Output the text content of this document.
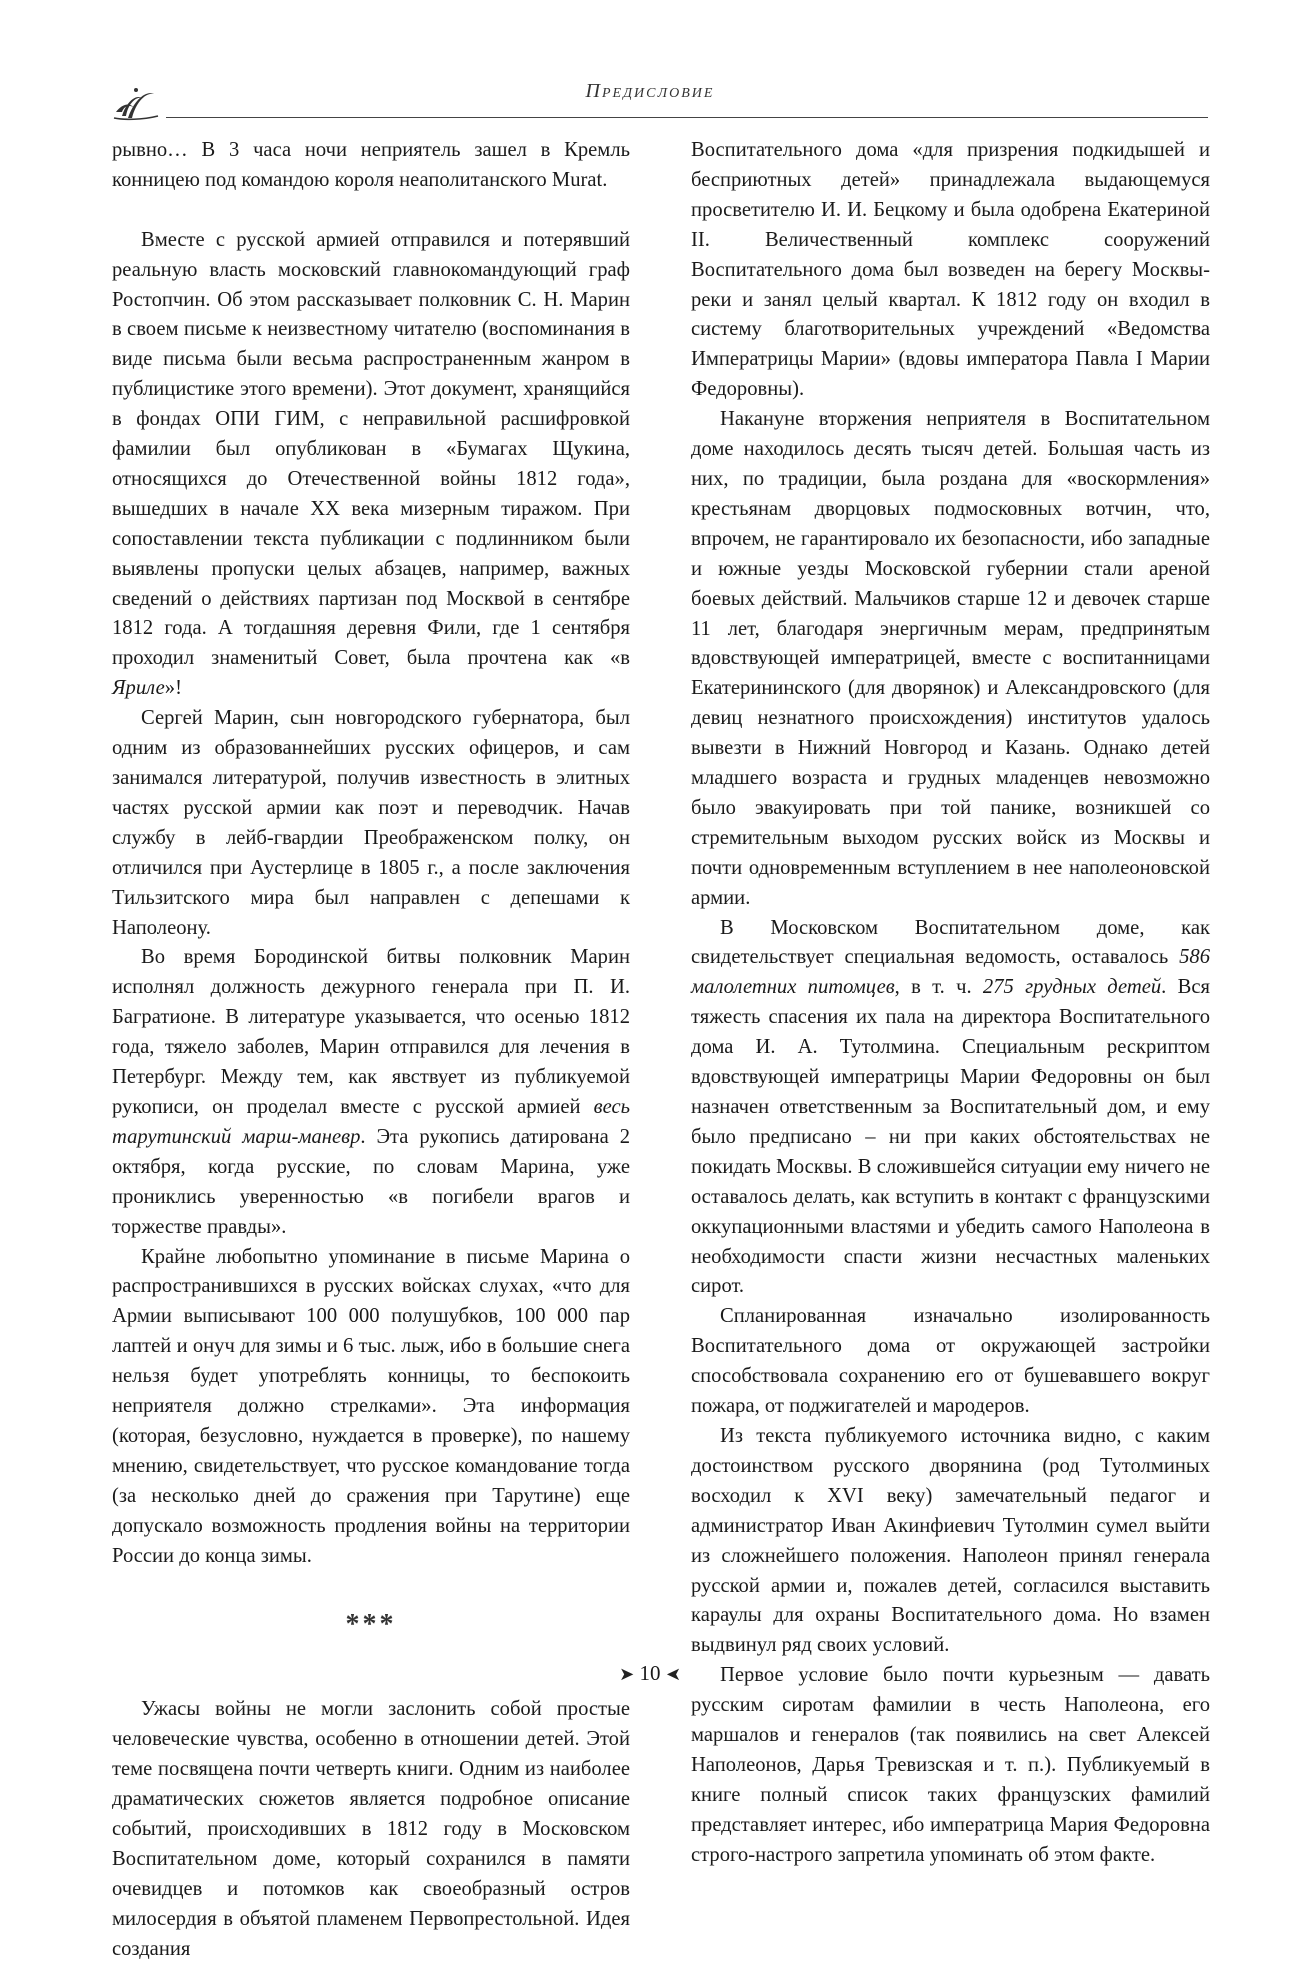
Предисловие

рывно… В 3 часа ночи неприятель зашел в Кремль конницею под командою короля неаполитанского Murat.

Вместе с русской армией отправился и потерявший реальную власть московский главнокомандующий граф Ростопчин. Об этом рассказывает полковник С. Н. Марин в своем письме к неизвестному читателю (воспоминания в виде письма были весьма распространенным жанром в публицистике этого времени). Этот документ, хранящийся в фондах ОПИ ГИМ, с неправильной расшифровкой фамилии был опубликован в «Бумагах Щукина, относящихся до Отечественной войны 1812 года», вышедших в начале XX века мизерным тиражом. При сопоставлении текста публикации с подлинником были выявлены пропуски целых абзацев, например, важных сведений о действиях партизан под Москвой в сентябре 1812 года. А тогдашняя деревня Фили, где 1 сентября проходил знаменитый Совет, была прочтена как «в Яриле»!

Сергей Марин, сын новгородского губернатора, был одним из образованнейших русских офицеров, и сам занимался литературой, получив известность в элитных частях русской армии как поэт и переводчик. Начав службу в лейб-гвардии Преображенском полку, он отличился при Аустерлице в 1805 г., а после заключения Тильзитского мира был направлен с депешами к Наполеону.

Во время Бородинской битвы полковник Марин исполнял должность дежурного генерала при П. И. Багратионе. В литературе указывается, что осенью 1812 года, тяжело заболев, Марин отправился для лечения в Петербург. Между тем, как явствует из публикуемой рукописи, он проделал вместе с русской армией весь тарутинский марш-маневр. Эта рукопись датирована 2 октября, когда русские, по словам Марина, уже прониклись уверенностью «в погибели врагов и торжестве правды».

Крайне любопытно упоминание в письме Марина о распространившихся в русских войсках слухах, «что для Армии выписывают 100 000 полушубков, 100 000 пар лаптей и онуч для зимы и 6 тыс. лыж, ибо в большие снега нельзя будет употреблять конницы, то беспокоить неприятеля должно стрелками». Эта информация (которая, безусловно, нуждается в проверке), по нашему мнению, свидетельствует, что русское командование тогда (за несколько дней до сражения при Тарутине) еще допускало возможность продления войны на территории России до конца зимы.

***

Ужасы войны не могли заслонить собой простые человеческие чувства, особенно в отношении детей. Этой теме посвящена почти четверть книги. Одним из наиболее драматических сюжетов является подробное описание событий, происходивших в 1812 году в Московском Воспитательном доме, который сохранился в памяти очевидцев и потомков как своеобразный остров милосердия в объятой пламенем Первопрестольной. Идея создания

Воспитательного дома «для призрения подкидышей и бесприютных детей» принадлежала выдающемуся просветителю И. И. Бецкому и была одобрена Екатериной II. Величественный комплекс сооружений Воспитательного дома был возведен на берегу Москвы-реки и занял целый квартал. К 1812 году он входил в систему благотворительных учреждений «Ведомства Императрицы Марии» (вдовы императора Павла I Марии Федоровны).

Накануне вторжения неприятеля в Воспитательном доме находилось десять тысяч детей. Большая часть из них, по традиции, была роздана для «воскормления» крестьянам дворцовых подмосковных вотчин, что, впрочем, не гарантировало их безопасности, ибо западные и южные уезды Московской губернии стали ареной боевых действий. Мальчиков старше 12 и девочек старше 11 лет, благодаря энергичным мерам, предпринятым вдовствующей императрицей, вместе с воспитанницами Екатерининского (для дворянок) и Александровского (для девиц незнатного происхождения) институтов удалось вывезти в Нижний Новгород и Казань. Однако детей младшего возраста и грудных младенцев невозможно было эвакуировать при той панике, возникшей со стремительным выходом русских войск из Москвы и почти одновременным вступлением в нее наполеоновской армии.

В Московском Воспитательном доме, как свидетельствует специальная ведомость, оставалось 586 малолетних питомцев, в т. ч. 275 грудных детей. Вся тяжесть спасения их пала на директора Воспитательного дома И. А. Тутолмина. Специальным рескриптом вдовствующей императрицы Марии Федоровны он был назначен ответственным за Воспитательный дом, и ему было предписано – ни при каких обстоятельствах не покидать Москвы. В сложившейся ситуации ему ничего не оставалось делать, как вступить в контакт с французскими оккупационными властями и убедить самого Наполеона в необходимости спасти жизни несчастных маленьких сирот.

Спланированная изначально изолированность Воспитательного дома от окружающей застройки способствовала сохранению его от бушевавшего вокруг пожара, от поджигателей и мародеров.

Из текста публикуемого источника видно, с каким достоинством русского дворянина (род Тутолминых восходил к XVI веку) замечательный педагог и администратор Иван Акинфиевич Тутолмин сумел выйти из сложнейшего положения. Наполеон принял генерала русской армии и, пожалев детей, согласился выставить караулы для охраны Воспитательного дома. Но взамен выдвинул ряд своих условий.

Первое условие было почти курьезным — давать русским сиротам фамилии в честь Наполеона, его маршалов и генералов (так появились на свет Алексей Наполеонов, Дарья Тревизская и т. п.). Публикуемый в книге полный список таких французских фамилий представляет интерес, ибо императрица Мария Федоровна строго-настрого запретила упоминать об этом факте.

➤ 10 ➤
